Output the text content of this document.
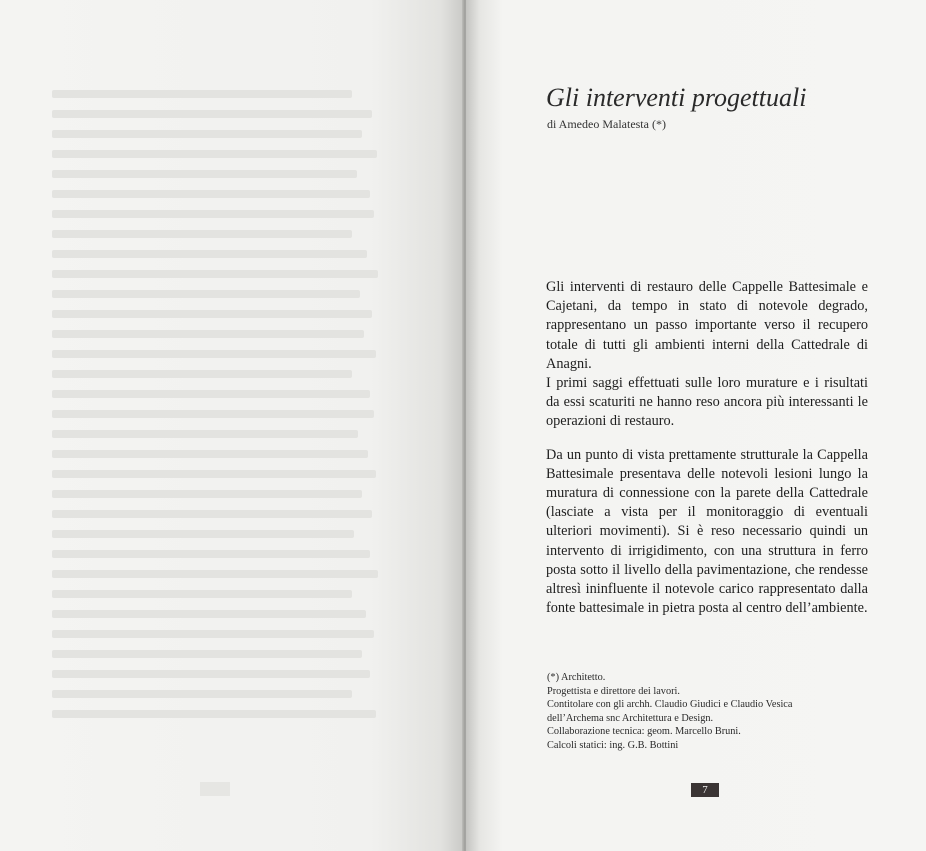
Gli interventi progettuali
di Amedeo Malatesta (*)

Gli interventi di restauro delle Cappelle Battesimale e Cajetani, da tempo in stato di notevole degrado, rappresentano un passo importante verso il recupero totale di tutti gli ambienti interni della Cattedrale di Anagni.

I primi saggi effettuati sulle loro murature e i risultati da essi scaturiti ne hanno reso ancora più interessanti le operazioni di restauro.

Da un punto di vista prettamente strutturale la Cappella Battesimale presentava delle notevoli lesioni lungo la muratura di connessione con la parete della Cattedrale (lasciate a vista per il monitoraggio di eventuali ulteriori movimenti). Si è reso necessario quindi un intervento di irrigidimento, con una struttura in ferro posta sotto il livello della pavimentazione, che rendesse altresì ininfluente il notevole carico rappresentato dalla fonte battesimale in pietra posta al centro dell’ambiente.

(*) Architetto.
Progettista e direttore dei lavori.
Contitolare con gli archh. Claudio Giudici e Claudio Vesica
dell’Archema snc Architettura e Design.
Collaborazione tecnica: geom. Marcello Bruni.
Calcoli statici: ing. G.B. Bottini
7
